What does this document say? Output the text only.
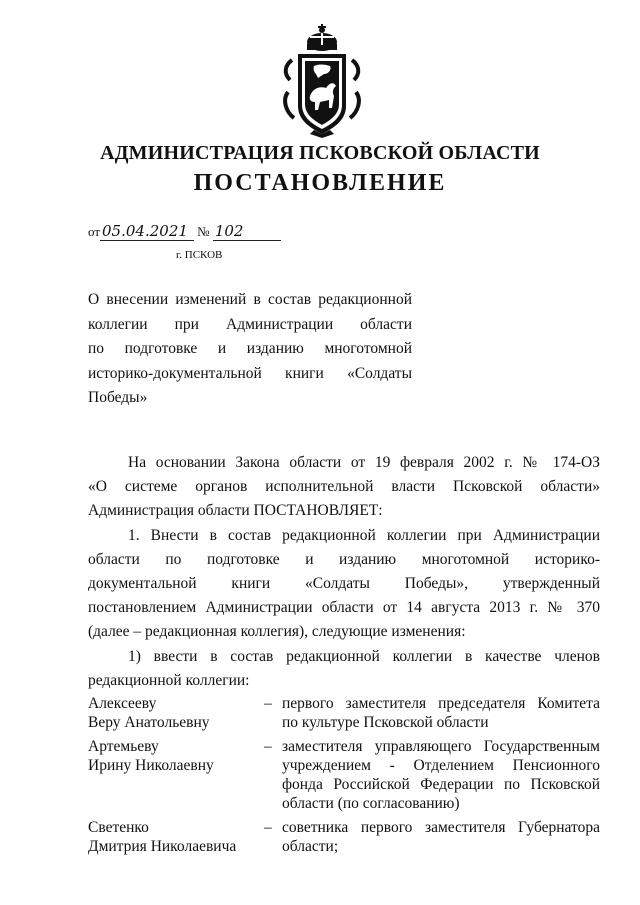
АДМИНИСТРАЦИЯ ПСКОВСКОЙ ОБЛАСТИ
ПОСТАНОВЛЕНИЕ
от 05.04.2021 № 102
г. ПСКОВ
О внесении изменений в состав редакционной
коллегии при Администрации области
по подготовке и изданию многотомной
историко-документальной книги «Солдаты
Победы»

На основании Закона области от 19 февраля 2002 г. № 174-ОЗ

«О системе органов исполнительной власти Псковской области»

Администрация области ПОСТАНОВЛЯЕТ:

1. Внести в состав редакционной коллегии при Администрации

области по подготовке и изданию многотомной историко-

документальной книги «Солдаты Победы», утвержденный

постановлением Администрации области от 14 августа 2013 г. № 370

(далее – редакционная коллегия), следующие изменения:

1) ввести в состав редакционной коллегии в качестве членов

редакционной коллегии:

Алексееву
Веру Анатольевну
– первого заместителя председателя Комитета
по культуре Псковской области
Артемьеву
Ирину Николаевну
– заместителя управляющего Государственным
учреждением - Отделением Пенсионного
фонда Российской Федерации по Псковской
области (по согласованию)
Светенко
Дмитрия Николаевича
– советника первого заместителя Губернатора
области;
